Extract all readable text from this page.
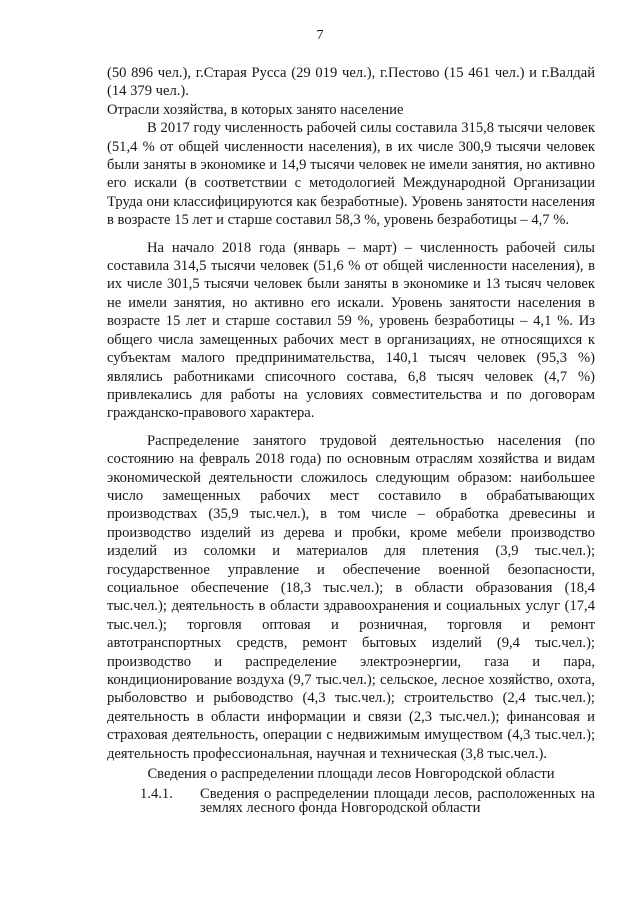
7

(50 896 чел.), г.Старая Русса (29 019 чел.), г.Пестово (15 461 чел.) и г.Валдай

(14 379 чел.).

Отрасли хозяйства, в которых занято население

В 2017 году численность рабочей силы составила 315,8 тысячи человек (51,4 % от общей численности населения), в их числе 300,9 тысячи человек были заняты в экономике и 14,9 тысячи человек не имели занятия, но активно его искали (в соответствии с методологией Международной Организации Труда они классифицируются как безработные). Уровень занятости населения в возрасте 15 лет и старше составил 58,3 %, уровень безработицы – 4,7 %.

На начало 2018 года (январь – март) – численность рабочей силы составила 314,5 тысячи человек (51,6 % от общей численности населения), в их числе 301,5 тысячи человек были заняты в экономике и 13 тысяч человек не имели занятия, но активно его искали. Уровень занятости населения в возрасте 15 лет и старше составил 59 %, уровень безработицы – 4,1 %. Из общего числа замещенных рабочих мест в организациях, не относящихся к субъектам малого предпринимательства, 140,1 тысяч человек (95,3 %) являлись работниками списочного состава, 6,8 тысяч человек (4,7 %) привлекались для работы на условиях совместительства и по договорам гражданско-правового характера.

Распределение занятого трудовой деятельностью населения (по состоянию на февраль 2018 года) по основным отраслям хозяйства и видам экономической деятельности сложилось следующим образом: наибольшее число замещенных рабочих мест составило в обрабатывающих производствах (35,9 тыс.чел.), в том числе – обработка древесины и производство изделий из дерева и пробки, кроме мебели производство изделий из соломки и материалов для плетения (3,9 тыс.чел.); государственное управление и обеспечение военной безопасности, социальное обеспечение (18,3 тыс.чел.); в области образования (18,4 тыс.чел.); деятельность в области здравоохранения и социальных услуг (17,4 тыс.чел.); торговля оптовая и розничная, торговля и ремонт автотранспортных средств, ремонт бытовых изделий (9,4 тыс.чел.); производство и распределение электроэнергии, газа и пара, кондиционирование воздуха (9,7 тыс.чел.); сельское, лесное хозяйство, охота, рыболовство и рыбоводство (4,3 тыс.чел.); строительство (2,4 тыс.чел.); деятельность в области информации и связи (2,3 тыс.чел.); финансовая и страховая деятельность, операции с недвижимым имуществом (4,3 тыс.чел.); деятельность профессиональная, научная и техническая (3,8 тыс.чел.).

Сведения о распределении площади лесов Новгородской области

1.4.1.	Сведения о распределении площади лесов, расположенных на
землях лесного фонда Новгородской области
